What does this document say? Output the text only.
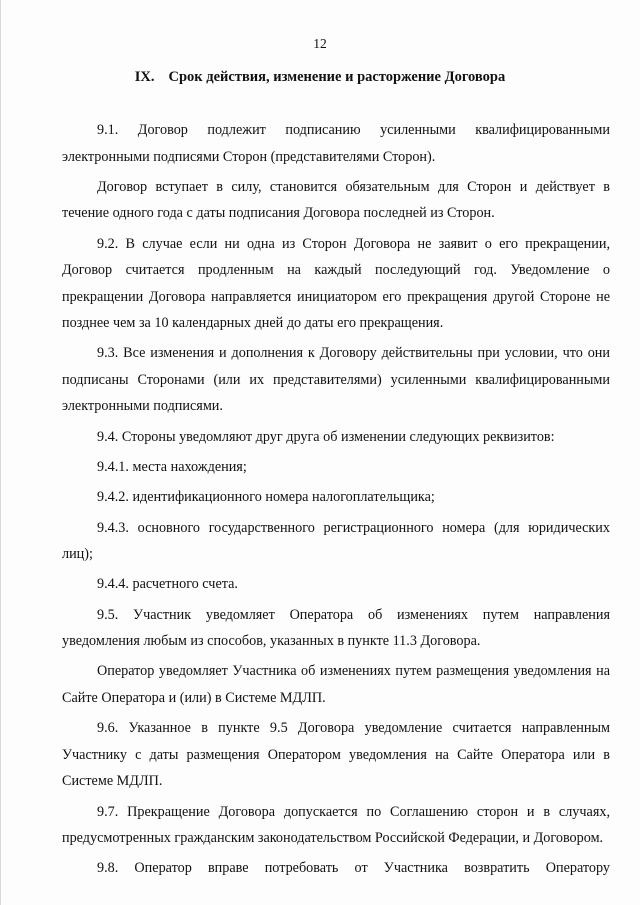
12
IX. Срок действия, изменение и расторжение Договора

9.1. Договор подлежит подписанию усиленными квалифицированными электронными подписями Сторон (представителями Сторон).

Договор вступает в силу, становится обязательным для Сторон и действует в течение одного года с даты подписания Договора последней из Сторон.

9.2. В случае если ни одна из Сторон Договора не заявит о его прекращении, Договор считается продленным на каждый последующий год. Уведомление о прекращении Договора направляется инициатором его прекращения другой Стороне не позднее чем за 10 календарных дней до даты его прекращения.

9.3. Все изменения и дополнения к Договору действительны при условии, что они подписаны Сторонами (или их представителями) усиленными квалифицированными электронными подписями.

9.4. Стороны уведомляют друг друга об изменении следующих реквизитов:

9.4.1. места нахождения;

9.4.2. идентификационного номера налогоплательщика;

9.4.3. основного государственного регистрационного номера (для юридических лиц);

9.4.4. расчетного счета.

9.5. Участник уведомляет Оператора об изменениях путем направления уведомления любым из способов, указанных в пункте 11.3 Договора.

Оператор уведомляет Участника об изменениях путем размещения уведомления на Сайте Оператора и (или) в Системе МДЛП.

9.6. Указанное в пункте 9.5 Договора уведомление считается направленным Участнику с даты размещения Оператором уведомления на Сайте Оператора или в Системе МДЛП.

9.7. Прекращение Договора допускается по Соглашению сторон и в случаях, предусмотренных гражданским законодательством Российской Федерации, и Договором.

9.8. Оператор вправе потребовать от Участника возвратить Оператору
